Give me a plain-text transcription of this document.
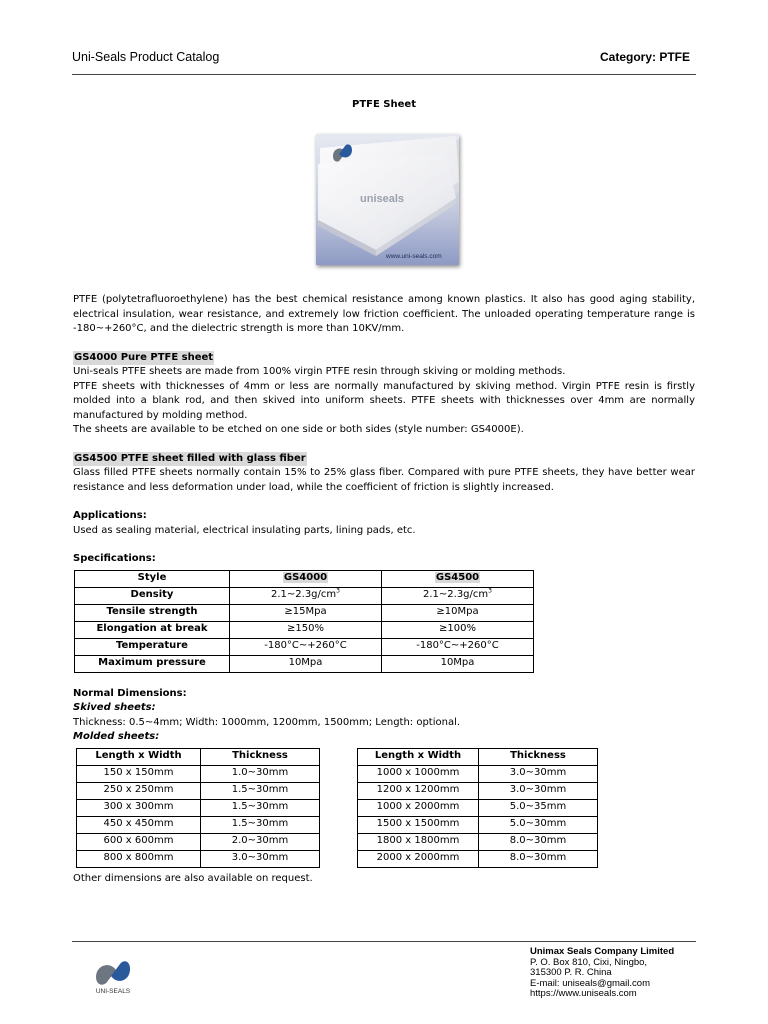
Uni-Seals Product Catalog	Category: PTFE
PTFE Sheet
uniseals
www.uni-seals.com

PTFE (polytetrafluoroethylene) has the best chemical resistance among known plastics. It also has good aging stability, electrical insulation, wear resistance, and extremely low friction coefficient. The unloaded operating temperature range is -180~+260°C, and the dielectric strength is more than 10KV/mm.

GS4000 Pure PTFE sheet

Uni-seals PTFE sheets are made from 100% virgin PTFE resin through skiving or molding methods.

PTFE sheets with thicknesses of 4mm or less are normally manufactured by skiving method. Virgin PTFE resin is firstly molded into a blank rod, and then skived into uniform sheets. PTFE sheets with thicknesses over 4mm are normally manufactured by molding method.

The sheets are available to be etched on one side or both sides (style number: GS4000E).

GS4500 PTFE sheet filled with glass fiber

Glass filled PTFE sheets normally contain 15% to 25% glass fiber. Compared with pure PTFE sheets, they have better wear resistance and less deformation under load, while the coefficient of friction is slightly increased.

Applications:

Used as sealing material, electrical insulating parts, lining pads, etc.

Specifications:
Style	GS4000	GS4500
Density	$2.1\sim 2.3g/cm^3$	$2.1\sim 2.3g/cm^3$
Tensile strength	≥15Mpa	≥10Mpa
Elongation at break	≥150%	≥100%
Temperature	-180°C~+260°C	-180°C~+260°C
Maximum pressure	10Mpa	10Mpa
Normal Dimensions:
Skived sheets:

Thickness: 0.5~4mm; Width: 1000mm, 1200mm, 1500mm; Length: optional.

Molded sheets:
Length x Width	Thickness
150 x 150mm	1.0~30mm
250 x 250mm	1.5~30mm
300 x 300mm	1.5~30mm
450 x 450mm	1.5~30mm
600 x 600mm	2.0~30mm
800 x 800mm	3.0~30mm
Length x Width	Thickness
1000 x 1000mm	3.0~30mm
1200 x 1200mm	3.0~30mm
1000 x 2000mm	5.0~35mm
1500 x 1500mm	5.0~30mm
1800 x 1800mm	8.0~30mm
2000 x 2000mm	8.0~30mm

Other dimensions are also available on request.

UNI-SEALS
Unimax Seals Company Limited
P. O. Box 810, Cixi, Ningbo,
315300 P. R. China
E-mail: uniseals@gmail.com
https://www.uniseals.com
